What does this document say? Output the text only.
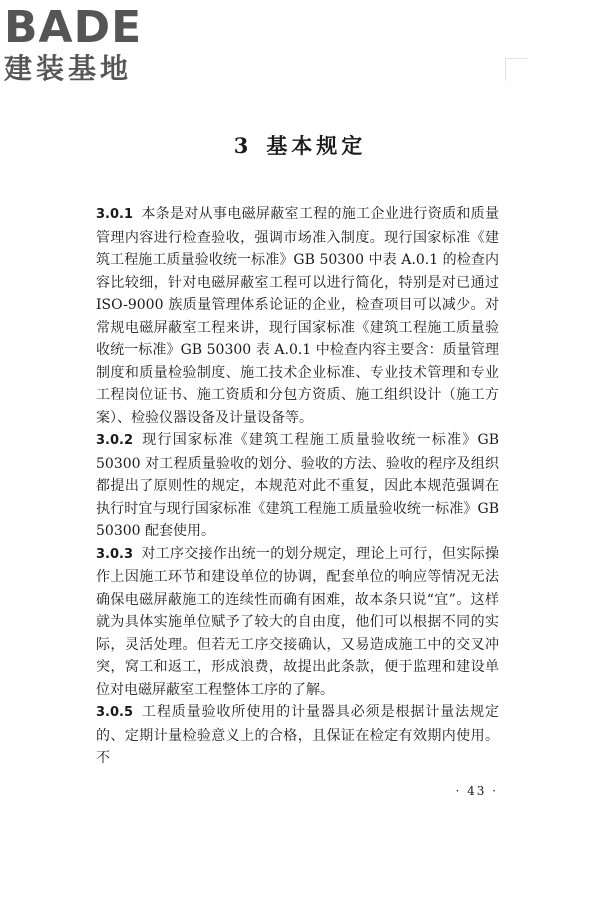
BADE
建装基地
3 基本规定

3.0.1 本条是对从事电磁屏蔽室工程的施工企业进行资质和质量管理内容进行检查验收，强调市场准入制度。现行国家标准《建筑工程施工质量验收统一标准》GB 50300 中表 A.0.1 的检查内容比较细，针对电磁屏蔽室工程可以进行简化，特别是对已通过 ISO-9000 族质量管理体系论证的企业，检查项目可以减少。对常规电磁屏蔽室工程来讲，现行国家标准《建筑工程施工质量验收统一标准》GB 50300 表 A.0.1 中检查内容主要含：质量管理制度和质量检验制度、施工技术企业标准、专业技术管理和专业工程岗位证书、施工资质和分包方资质、施工组织设计（施工方案）、检验仪器设备及计量设备等。

3.0.2 现行国家标准《建筑工程施工质量验收统一标准》GB 50300 对工程质量验收的划分、验收的方法、验收的程序及组织都提出了原则性的规定，本规范对此不重复，因此本规范强调在执行时宜与现行国家标准《建筑工程施工质量验收统一标准》GB 50300 配套使用。

3.0.3 对工序交接作出统一的划分规定，理论上可行，但实际操作上因施工环节和建设单位的协调，配套单位的响应等情况无法确保电磁屏蔽施工的连续性而确有困难，故本条只说“宜”。这样就为具体实施单位赋予了较大的自由度，他们可以根据不同的实际，灵活处理。但若无工序交接确认，又易造成施工中的交叉冲突，窝工和返工，形成浪费，故提出此条款，便于监理和建设单位对电磁屏蔽室工程整体工序的了解。

3.0.5 工程质量验收所使用的计量器具必须是根据计量法规定的、定期计量检验意义上的合格，且保证在检定有效期内使用。不

· 43 ·
